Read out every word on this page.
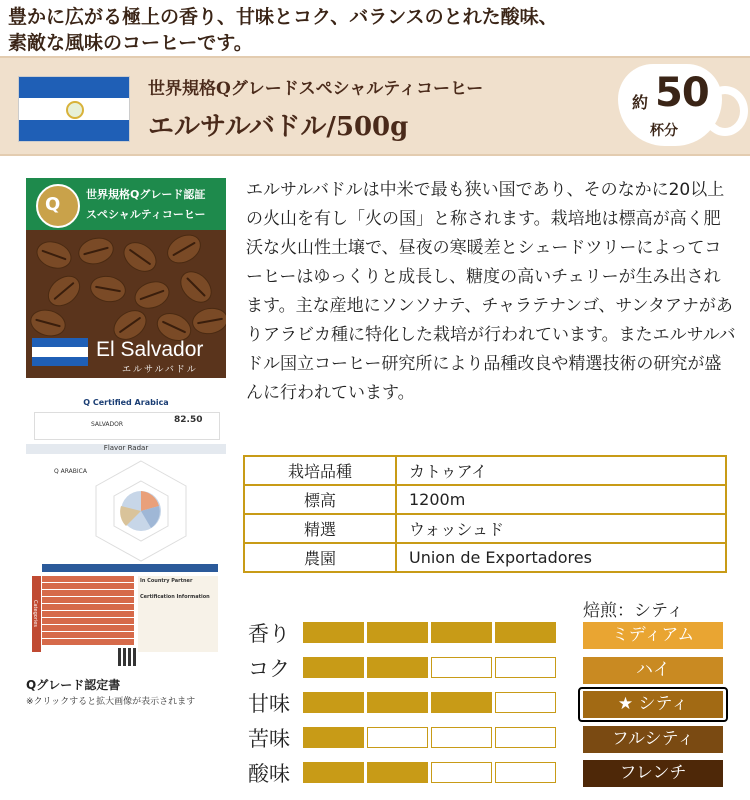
豊かに広がる極上の香り、甘味とコク、バランスのとれた酸味、
素敵な風味のコーヒーです。
世界規格Qグレードスペシャルティコーヒー
エルサルバドル/500g
約 50
杯分
Q 世界規格Qグレード認証
スペシャルティコーヒー
El Salvador
エルサルバドル
Q Certified Arabica
SALVADOR	82.50
Flavor Radar
Q ARABICA
Categories
In Country Partner
Certification Information
Qグレード認定書
※クリックすると拡大画像が表示されます
エルサルバドルは中米で最も狭い国であり、そのなかに20以上の火山を有し「火の国」と称されます。栽培地は標高が高く肥沃な火山性土壌で、昼夜の寒暖差とシェードツリーによってコーヒーはゆっくりと成長し、糖度の高いチェリーが生み出されます。主な産地にソンソナテ、チャラテナンゴ、サンタアナがありアラビカ種に特化した栽培が行われています。またエルサルバドル国立コーヒー研究所により品種改良や精選技術の研究が盛んに行われています。
栽培品種	カトゥアイ
標高	1200m
精選	ウォッシュド
農園	Union de Exportadores
香り
コク
甘味
苦味
酸味
焙煎：シティ
ミディアム
ハイ
★ シティ
フルシティ
フレンチ
